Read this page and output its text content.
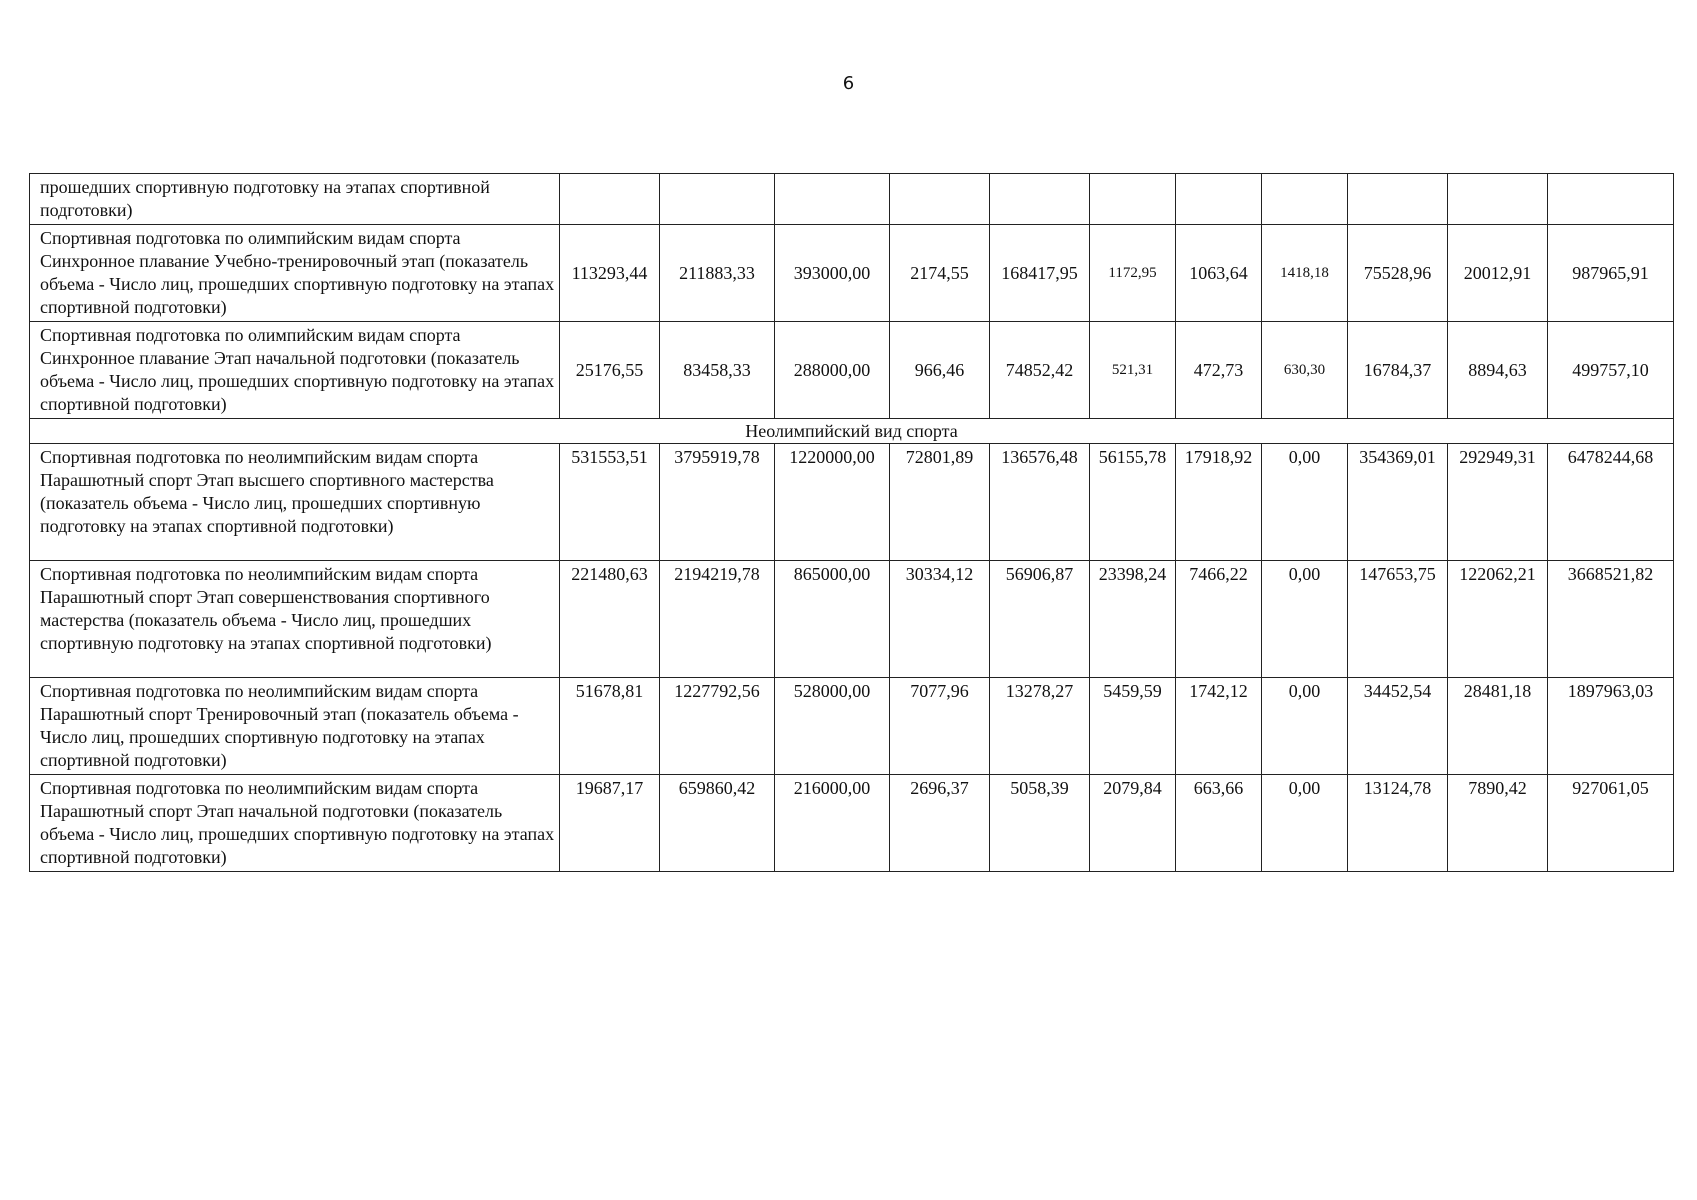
6
прошедших спортивную подготовку на этапах спортивной подготовки)											
Спортивная подготовка по олимпийским видам спорта Синхронное плавание Учебно-тренировочный этап (показатель объема - Число лиц, прошедших спортивную подготовку на этапах спортивной подготовки)	113293,44	211883,33	393000,00	2174,55	168417,95	1172,95	1063,64	1418,18	75528,96	20012,91	987965,91
Спортивная подготовка по олимпийским видам спорта Синхронное плавание Этап начальной подготовки (показатель объема - Число лиц, прошедших спортивную подготовку на этапах спортивной подготовки)	25176,55	83458,33	288000,00	966,46	74852,42	521,31	472,73	630,30	16784,37	8894,63	499757,10
Неолимпийский вид спорта											
Спортивная подготовка по неолимпийским видам спорта Парашютный спорт Этап высшего спортивного мастерства (показатель объема - Число лиц, прошедших спортивную подготовку на этапах спортивной подготовки)	531553,51	3795919,78	1220000,00	72801,89	136576,48	56155,78	17918,92	0,00	354369,01	292949,31	6478244,68
Спортивная подготовка по неолимпийским видам спорта Парашютный спорт Этап совершенствования спортивного мастерства (показатель объема - Число лиц, прошедших спортивную подготовку на этапах спортивной подготовки)	221480,63	2194219,78	865000,00	30334,12	56906,87	23398,24	7466,22	0,00	147653,75	122062,21	3668521,82
Спортивная подготовка по неолимпийским видам спорта Парашютный спорт Тренировочный этап (показатель объема - Число лиц, прошедших спортивную подготовку на этапах спортивной подготовки)	51678,81	1227792,56	528000,00	7077,96	13278,27	5459,59	1742,12	0,00	34452,54	28481,18	1897963,03
Спортивная подготовка по неолимпийским видам спорта Парашютный спорт Этап начальной подготовки (показатель объема - Число лиц, прошедших спортивную подготовку на этапах спортивной подготовки)	19687,17	659860,42	216000,00	2696,37	5058,39	2079,84	663,66	0,00	13124,78	7890,42	927061,05
